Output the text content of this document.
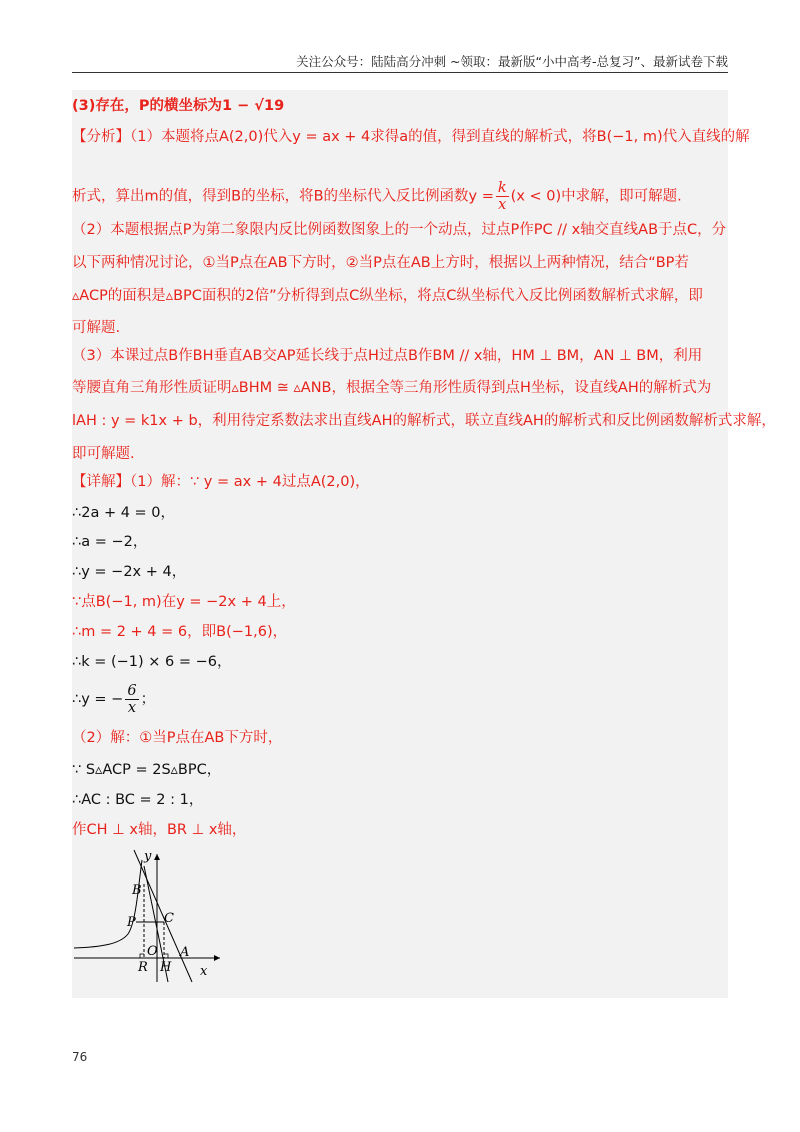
关注公众号：陆陆高分冲刺 ~领取：最新版“小中高考-总复习”、最新试卷下载
(3)存在，P的横坐标为1 − √19
【分析】（1）本题将点A(2,0)代入y = ax + 4求得a的值，得到直线的解析式，将B(−1, m)代入直线的解
析式，算出m的值，得到B的坐标，将B的坐标代入反比例函数$y = \frac{k}{x} (x < 0)$中求解，即可解题.
（2）本题根据点P为第二象限内反比例函数图象上的一个动点，过点P作PC // x轴交直线AB于点C，分
以下两种情况讨论，①当P点在AB下方时，②当P点在AB上方时，根据以上两种情况，结合“BP若
▵ACP的面积是▵BPC面积的2倍”分析得到点C纵坐标，将点C纵坐标代入反比例函数解析式求解，即
可解题.
（3）本课过点B作BH垂直AB交AP延长线于点H过点B作BM // x轴，HM ⊥ BM，AN ⊥ BM，利用
等腰直角三角形性质证明▵BHM ≅ ▵ANB，根据全等三角形性质得到点H坐标，设直线AH的解析式为
lAH : y = k1x + b，利用待定系数法求出直线AH的解析式，联立直线AH的解析式和反比例函数解析式求解，
即可解题.
【详解】（1）解：∵ y = ax + 4过点A(2,0)，
∴2a + 4 = 0，
∴a = −2，
∴y = −2x + 4，
∵点B(−1, m)在y = −2x + 4上，
∴m = 2 + 4 = 6，即B(−1,6)，
∴k = (−1) × 6 = −6，
∴y = − $\frac{6}{x}$ ；
（2）解：①当P点在AB下方时，
∵ S▵ACP = 2S▵BPC，
∴AC : BC = 2 : 1，
作CH ⊥ x轴，BR ⊥ x轴，
y
x
B
P C
O A
R H
76
